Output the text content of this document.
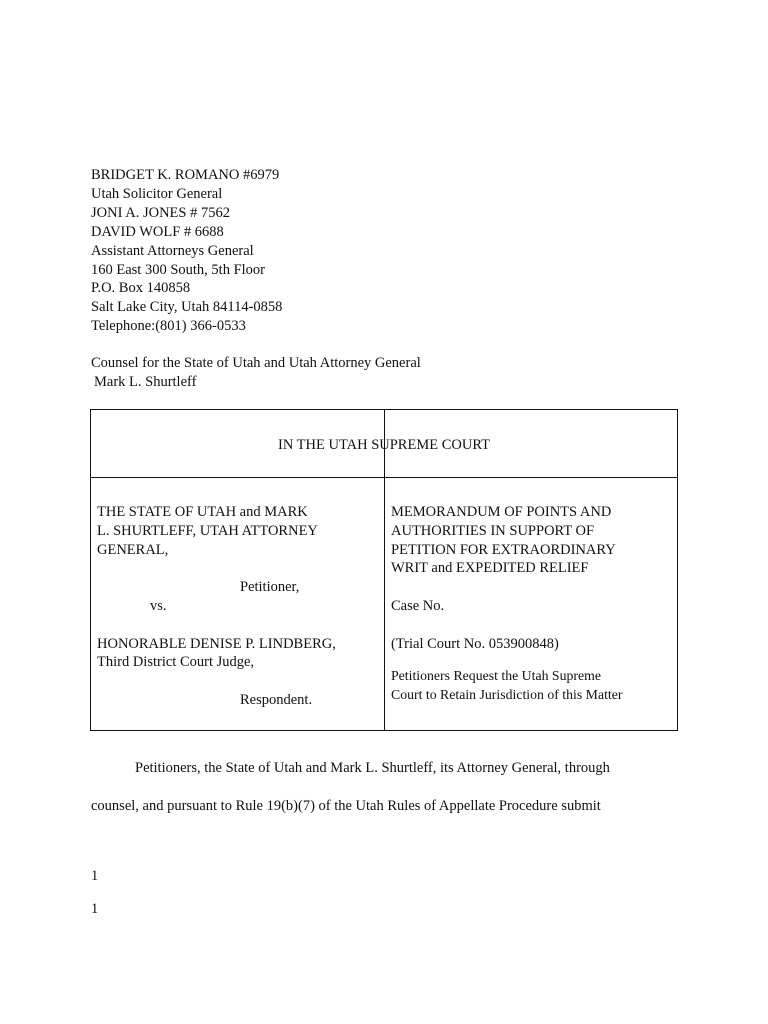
BRIDGET K. ROMANO #6979
Utah Solicitor General
JONI A. JONES # 7562
DAVID WOLF # 6688
Assistant Attorneys General
160 East 300 South, 5th Floor
P.O. Box 140858
Salt Lake City, Utah 84114-0858
Telephone:(801) 366-0533
Counsel for the State of Utah and Utah Attorney General
Mark L. Shurtleff
IN THE UTAH SUPREME COURT
THE STATE OF UTAH and MARK
L. SHURTLEFF, UTAH ATTORNEY
GENERAL,
Petitioner,
vs.
HONORABLE DENISE P. LINDBERG,
Third District Court Judge,
Respondent.
MEMORANDUM OF POINTS AND
AUTHORITIES IN SUPPORT OF
PETITION FOR EXTRAORDINARY
WRIT and EXPEDITED RELIEF
Case No.
(Trial Court No. 053900848)
Petitioners Request the Utah Supreme
Court to Retain Jurisdiction of this Matter
Petitioners, the State of Utah and Mark L. Shurtleff, its Attorney General, through
counsel, and pursuant to Rule 19(b)(7) of the Utah Rules of Appellate Procedure submit
1
1
